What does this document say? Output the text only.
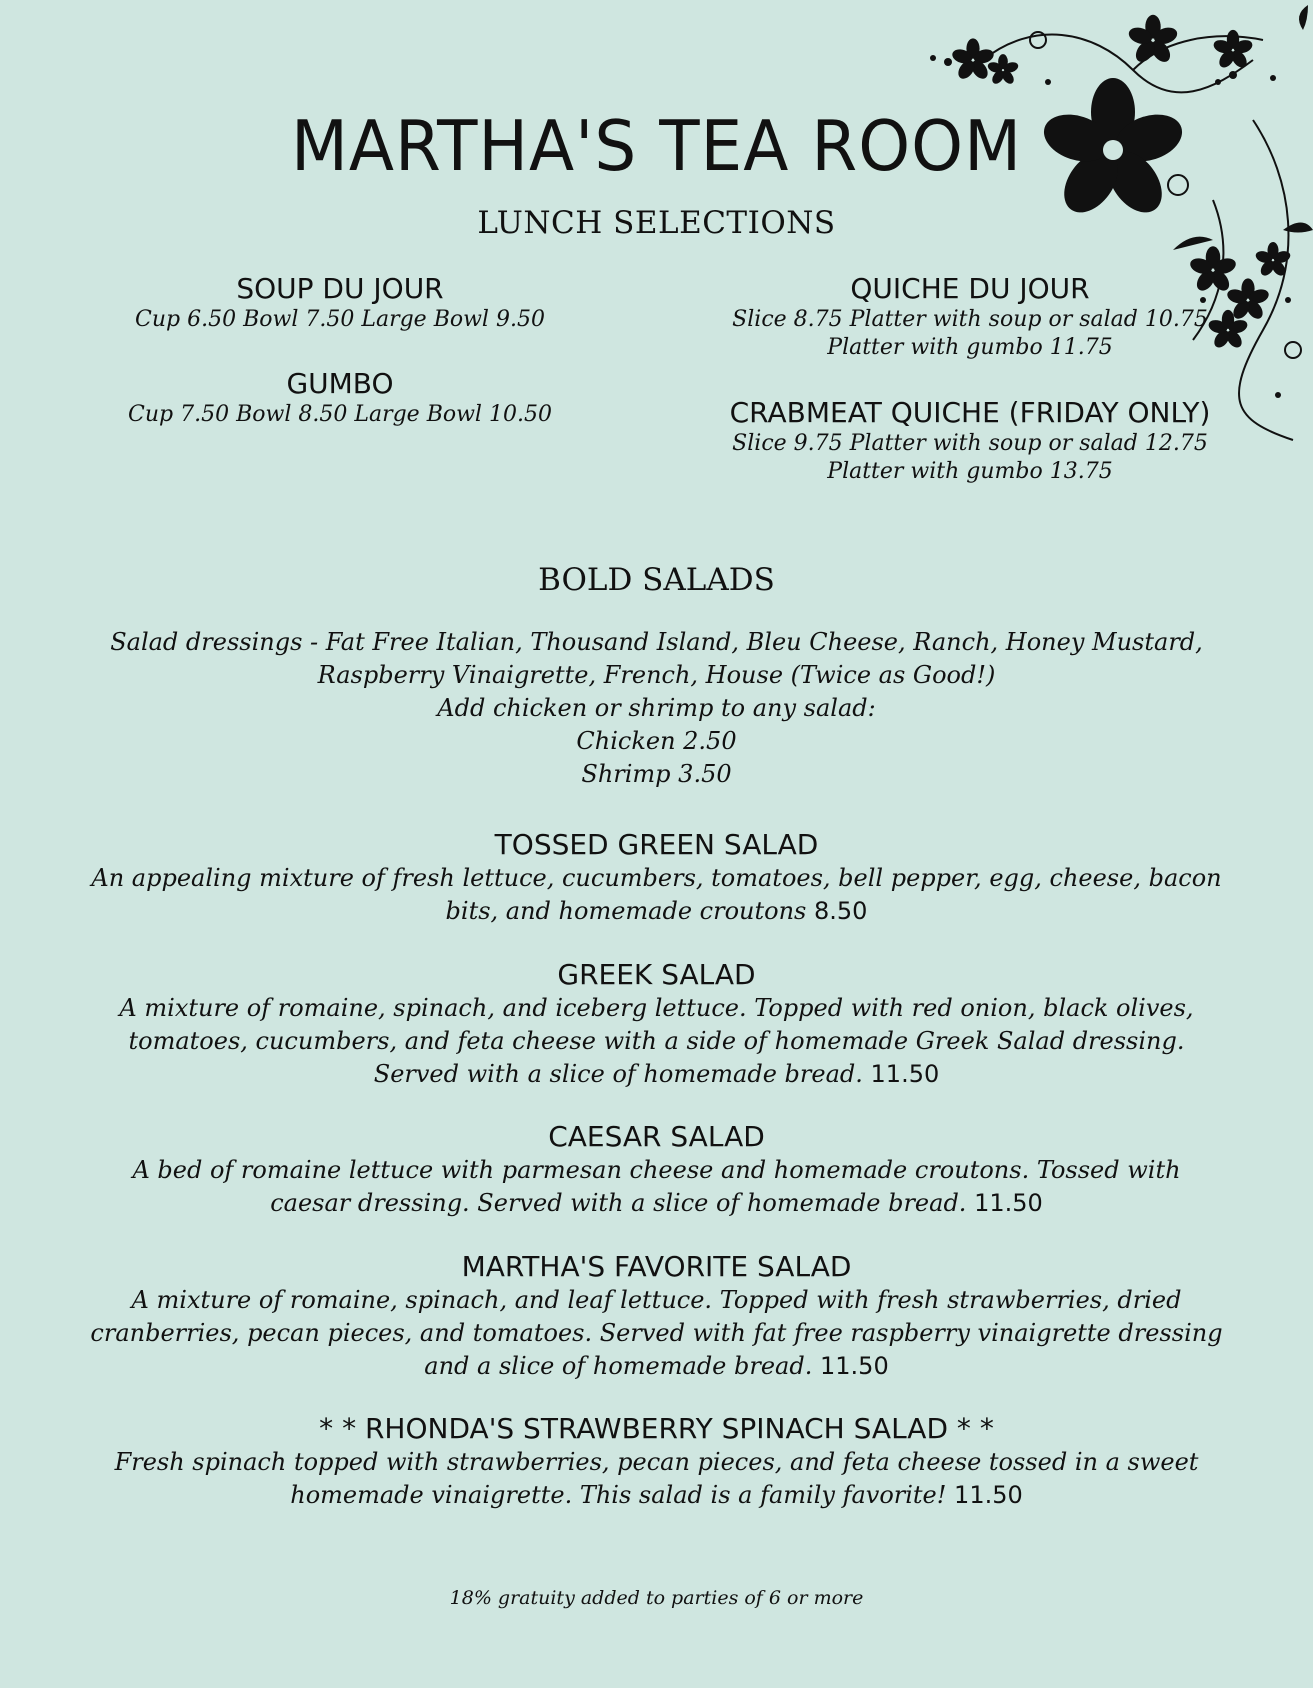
MARTHA'S TEA ROOM
LUNCH SELECTIONS
SOUP DU JOUR
Cup 6.50 Bowl 7.50 Large Bowl 9.50
GUMBO
Cup 7.50 Bowl 8.50 Large Bowl 10.50
QUICHE DU JOUR
Slice 8.75 Platter with soup or salad 10.75
Platter with gumbo 11.75
CRABMEAT QUICHE (FRIDAY ONLY)
Slice 9.75 Platter with soup or salad 12.75
Platter with gumbo 13.75
BOLD SALADS
Salad dressings - Fat Free Italian, Thousand Island, Bleu Cheese, Ranch, Honey Mustard, Raspberry Vinaigrette, French, House (Twice as Good!)
Add chicken or shrimp to any salad:
Chicken 2.50
Shrimp 3.50
TOSSED GREEN SALAD
An appealing mixture of fresh lettuce, cucumbers, tomatoes, bell pepper, egg, cheese, bacon bits, and homemade croutons 8.50
GREEK SALAD
A mixture of romaine, spinach, and iceberg lettuce. Topped with red onion, black olives, tomatoes, cucumbers, and feta cheese with a side of homemade Greek Salad dressing. Served with a slice of homemade bread. 11.50
CAESAR SALAD
A bed of romaine lettuce with parmesan cheese and homemade croutons. Tossed with caesar dressing. Served with a slice of homemade bread. 11.50
MARTHA'S FAVORITE SALAD
A mixture of romaine, spinach, and leaf lettuce. Topped with fresh strawberries, dried cranberries, pecan pieces, and tomatoes. Served with fat free raspberry vinaigrette dressing and a slice of homemade bread. 11.50
* * RHONDA'S STRAWBERRY SPINACH SALAD * *
Fresh spinach topped with strawberries, pecan pieces, and feta cheese tossed in a sweet homemade vinaigrette. This salad is a family favorite! 11.50
18% gratuity added to parties of 6 or more
